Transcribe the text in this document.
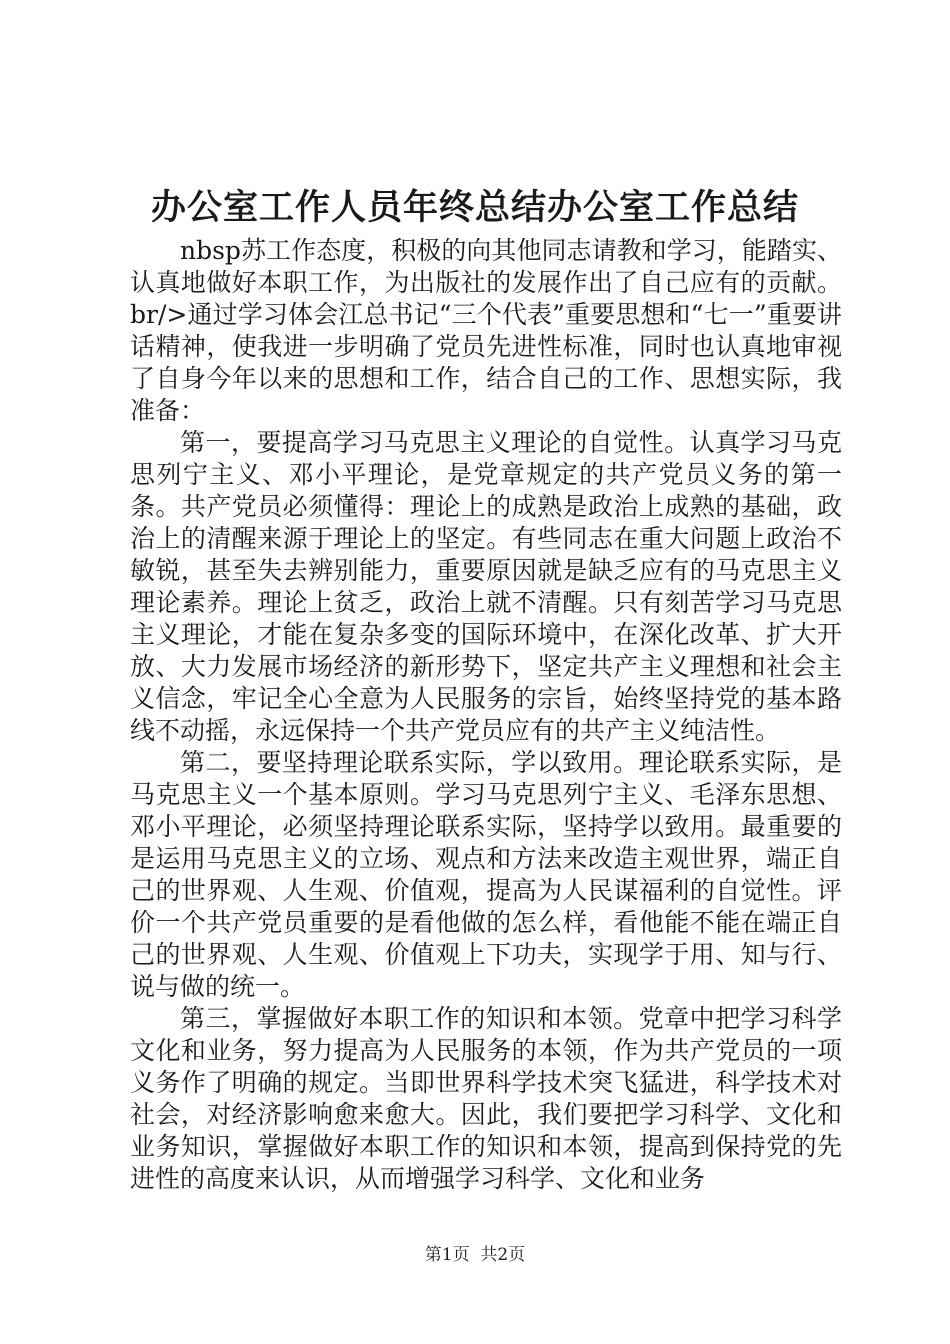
办公室工作人员年终总结办公室工作总结

nbsp苏工作态度，积极的向其他同志请教和学习，能踏实、认真地做好本职工作，为出版社的发展作出了自己应有的贡献。br/>通过学习体会江总书记“三个代表”重要思想和“七一”重要讲话精神，使我进一步明确了党员先进性标准，同时也认真地审视了自身今年以来的思想和工作，结合自己的工作、思想实际，我准备：

第一，要提高学习马克思主义理论的自觉性。认真学习马克思列宁主义、邓小平理论，是党章规定的共产党员义务的第一条。共产党员必须懂得：理论上的成熟是政治上成熟的基础，政治上的清醒来源于理论上的坚定。有些同志在重大问题上政治不敏锐，甚至失去辨别能力，重要原因就是缺乏应有的马克思主义理论素养。理论上贫乏，政治上就不清醒。只有刻苦学习马克思主义理论，才能在复杂多变的国际环境中，在深化改革、扩大开放、大力发展市场经济的新形势下，坚定共产主义理想和社会主义信念，牢记全心全意为人民服务的宗旨，始终坚持党的基本路线不动摇，永远保持一个共产党员应有的共产主义纯洁性。

第二，要坚持理论联系实际，学以致用。理论联系实际，是马克思主义一个基本原则。学习马克思列宁主义、毛泽东思想、邓小平理论，必须坚持理论联系实际，坚持学以致用。最重要的是运用马克思主义的立场、观点和方法来改造主观世界，端正自己的世界观、人生观、价值观，提高为人民谋福利的自觉性。评价一个共产党员重要的是看他做的怎么样，看他能不能在端正自己的世界观、人生观、价值观上下功夫，实现学于用、知与行、说与做的统一。

第三，掌握做好本职工作的知识和本领。党章中把学习科学文化和业务，努力提高为人民服务的本领，作为共产党员的一项义务作了明确的规定。当即世界科学技术突飞猛进，科学技术对社会，对经济影响愈来愈大。因此，我们要把学习科学、文化和业务知识，掌握做好本职工作的知识和本领，提高到保持党的先进性的高度来认识，从而增强学习科学、文化和业务

第1页 共2页
